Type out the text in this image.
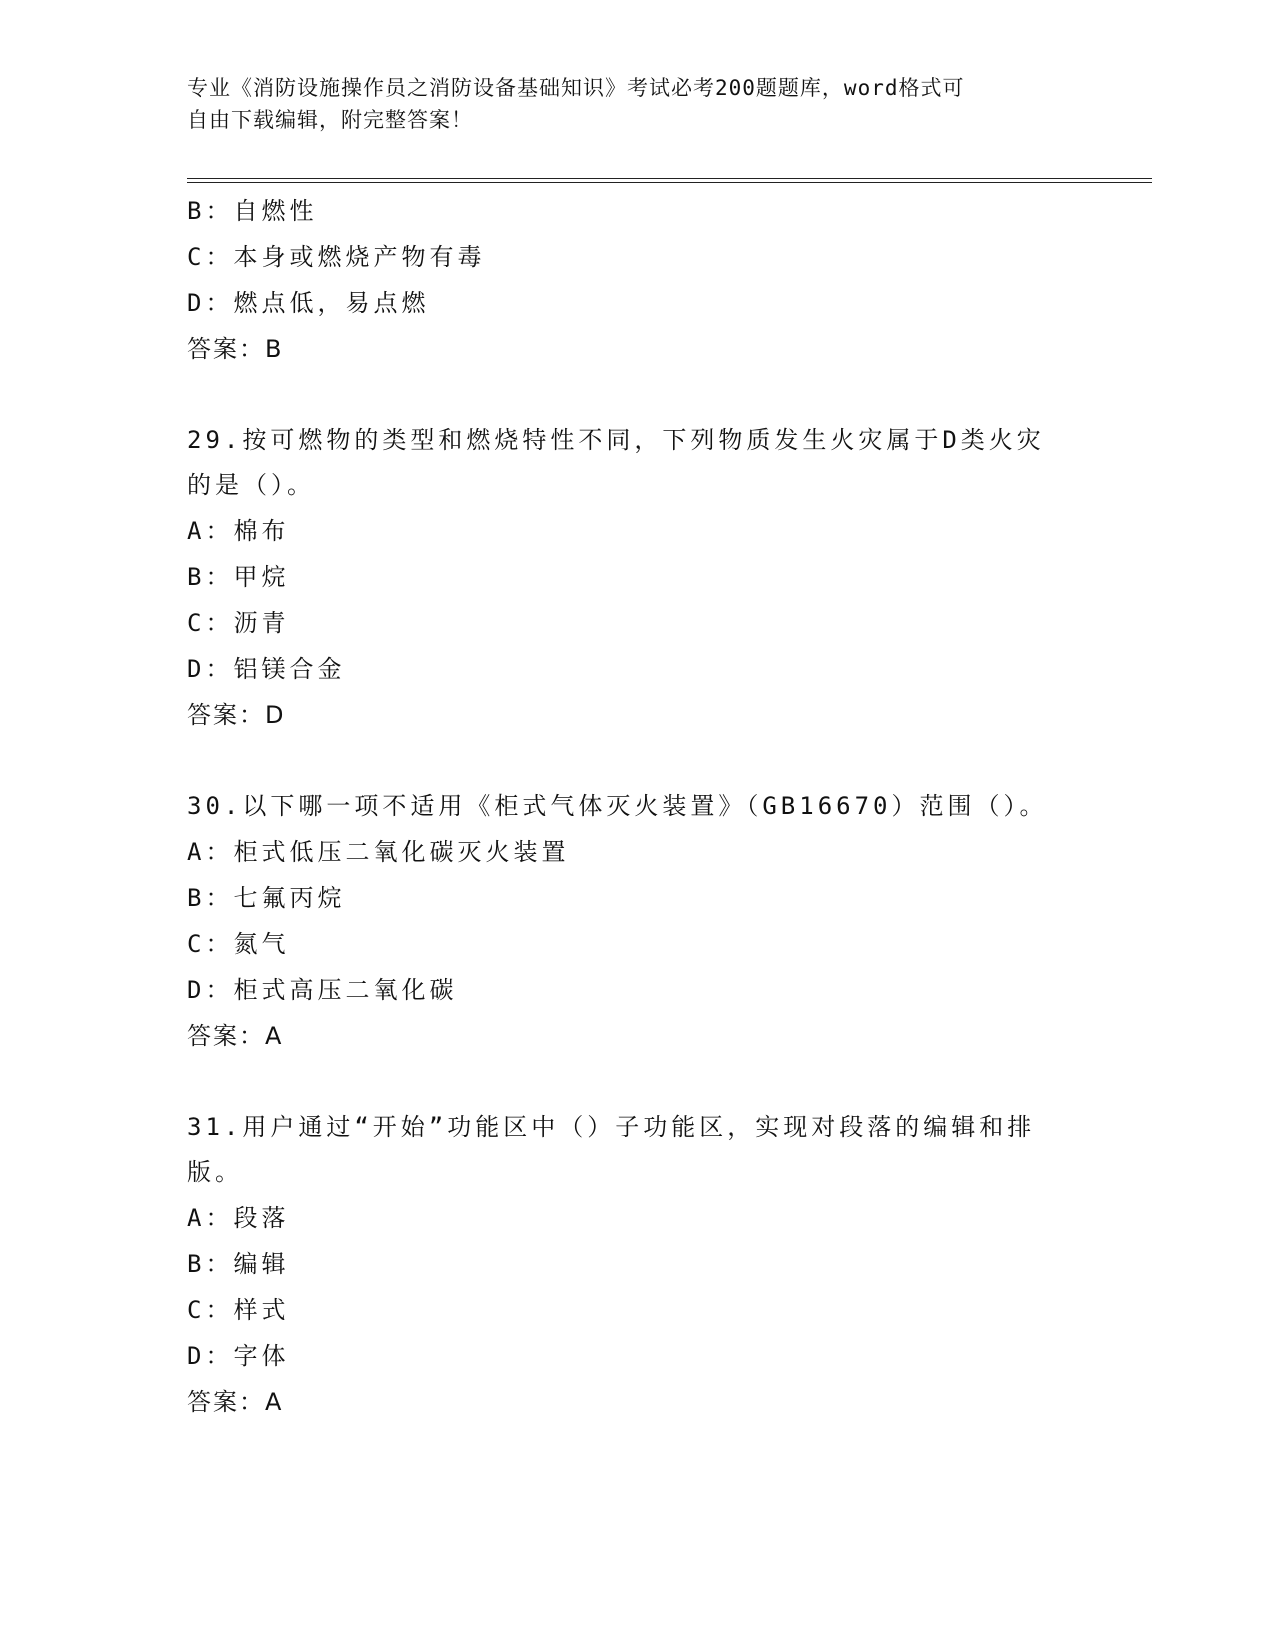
专业《消防设施操作员之消防设备基础知识》考试必考200题题库，word格式可
自由下载编辑，附完整答案！
B：自燃性
C：本身或燃烧产物有毒
D：燃点低，易点燃
答案：B
29.按可燃物的类型和燃烧特性不同，下列物质发生火灾属于D类火灾的是（）。
A：棉布
B：甲烷
C：沥青
D：铝镁合金
答案：D
30.以下哪一项不适用《柜式气体灭火装置》（GB16670）范围（）。
A：柜式低压二氧化碳灭火装置
B：七氟丙烷
C：氮气
D：柜式高压二氧化碳
答案：A
31.用户通过“开始”功能区中（）子功能区，实现对段落的编辑和排版。
A：段落
B：编辑
C：样式
D：字体
答案：A
